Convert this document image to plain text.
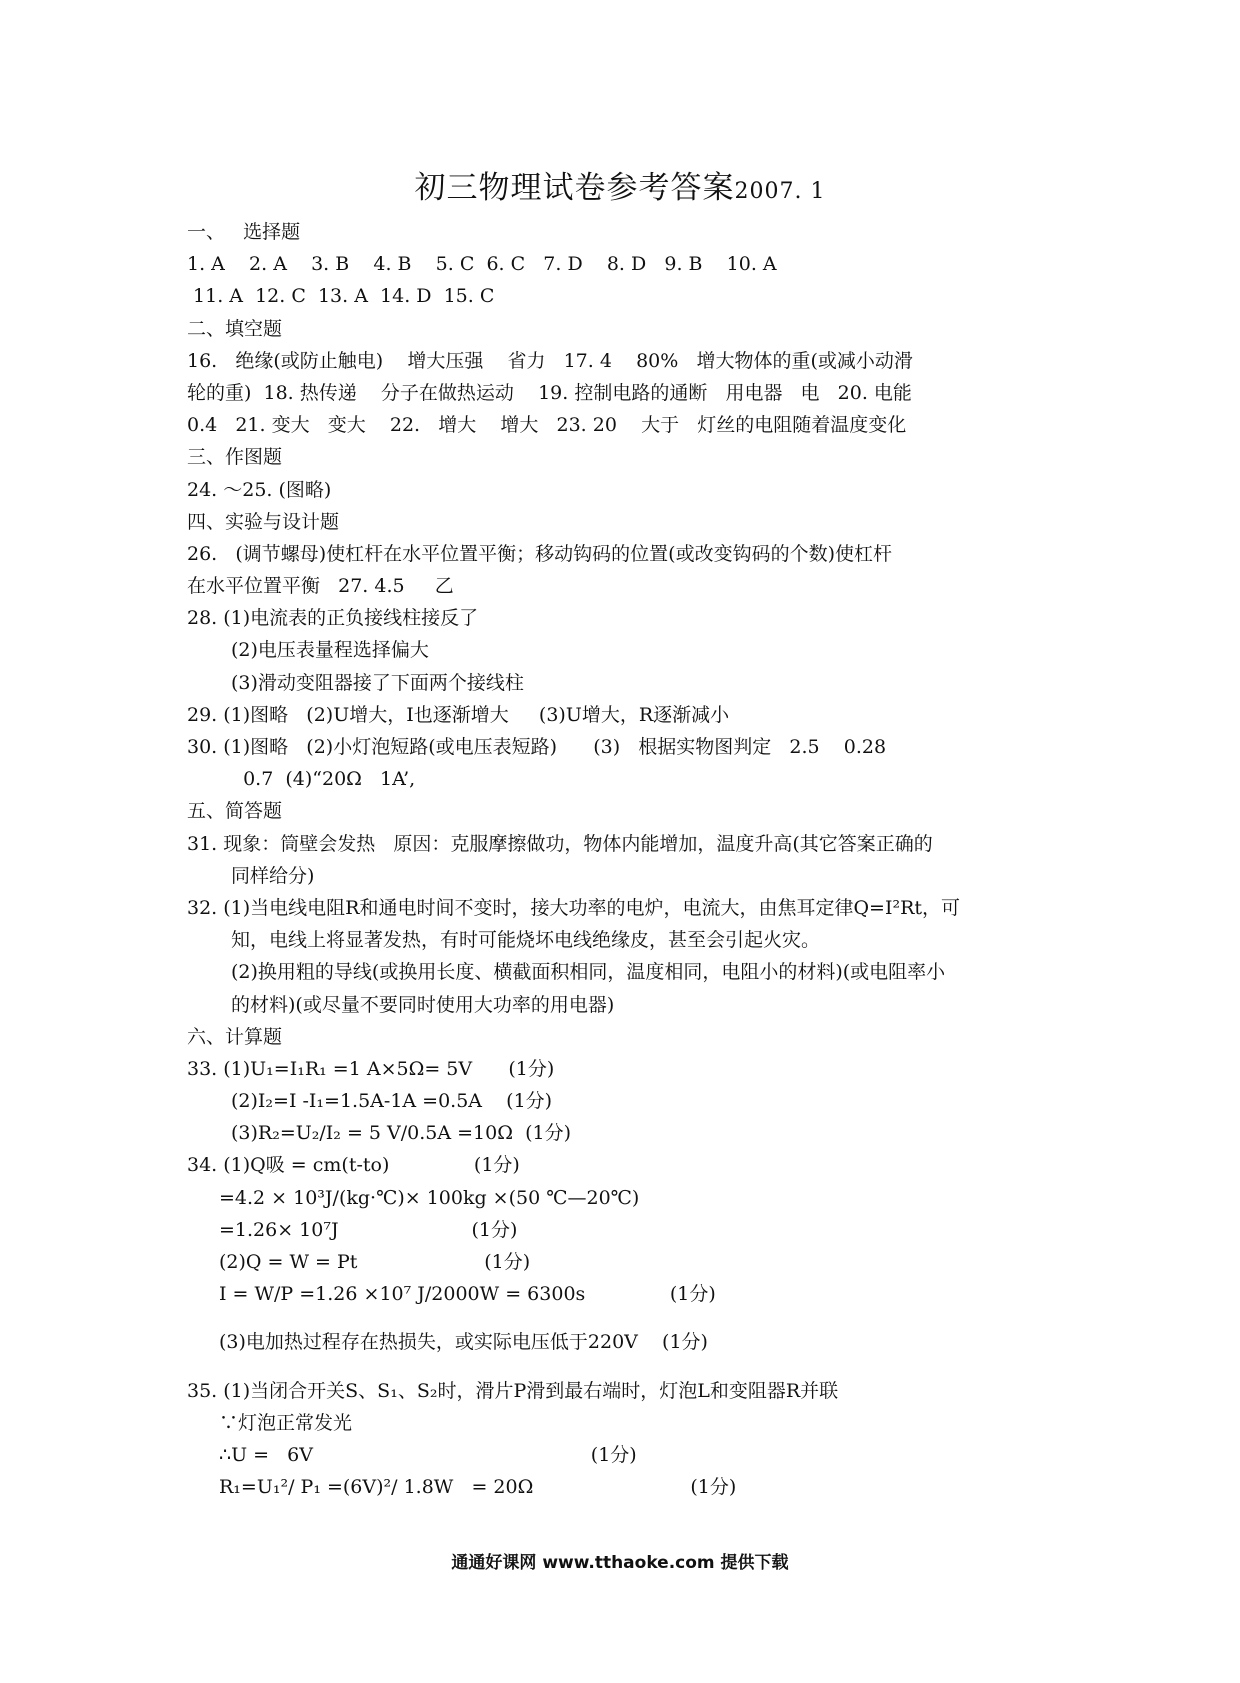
初三物理试卷参考答案2007. 1
一、   选择题
1. A    2. A    3. B    4. B    5. C  6. C   7. D    8. D   9. B    10. A
11. A  12. C  13. A  14. D  15. C
二、填空题
16.   绝缘(或防止触电)    增大压强    省力   17. 4    80%   增大物体的重(或减小动滑
轮的重)  18. 热传递    分子在做热运动    19. 控制电路的通断   用电器   电   20. 电能
0.4   21. 变大   变大    22.   增大    增大   23. 20    大于   灯丝的电阻随着温度变化
三、作图题
24. ～25. (图略)
四、实验与设计题
26.   (调节螺母)使杠杆在水平位置平衡；移动钩码的位置(或改变钩码的个数)使杠杆
在水平位置平衡   27. 4.5     乙
28. (1)电流表的正负接线柱接反了
(2)电压表量程选择偏大
(3)滑动变阻器接了下面两个接线柱
29. (1)图略   (2)U增大，I也逐渐增大     (3)U增大，R逐渐减小
30. (1)图略   (2)小灯泡短路(或电压表短路)      (3)   根据实物图判定   2.5    0.28
0.7  (4)“20Ω   1A’,
五、简答题
31. 现象：筒壁会发热   原因：克服摩擦做功，物体内能增加，温度升高(其它答案正确的
同样给分)
32. (1)当电线电阻R和通电时间不变时，接大功率的电炉，电流大，由焦耳定律Q=I²Rt，可
知，电线上将显著发热，有时可能烧坏电线绝缘皮，甚至会引起火灾。
(2)换用粗的导线(或换用长度、横截面积相同，温度相同，电阻小的材料)(或电阻率小
的材料)(或尽量不要同时使用大功率的用电器)
六、计算题
33. (1)U₁=I₁R₁ =1 A×5Ω= 5V      (1分)
(2)I₂=I -I₁=1.5A-1A =0.5A    (1分)
(3)R₂=U₂/I₂ = 5 V/0.5A =10Ω  (1分)
34. (1)Q吸 = cm(t-to)              (1分)
=4.2 × 10³J/(kg·℃)× 100kg ×(50 ℃—20℃)
=1.26× 10⁷J                      (1分)
(2)Q = W = Pt                     (1分)
I = W/P =1.26 ×10⁷ J/2000W = 6300s              (1分)
(3)电加热过程存在热损失，或实际电压低于220V    (1分)
35. (1)当闭合开关S、S₁、S₂时，滑片P滑到最右端时，灯泡L和变阻器R并联
∵灯泡正常发光
∴U =   6V                                              (1分)
R₁=U₁²/ P₁ =(6V)²/ 1.8W   = 20Ω                          (1分)
通通好课网 www.tthaoke.com 提供下载
